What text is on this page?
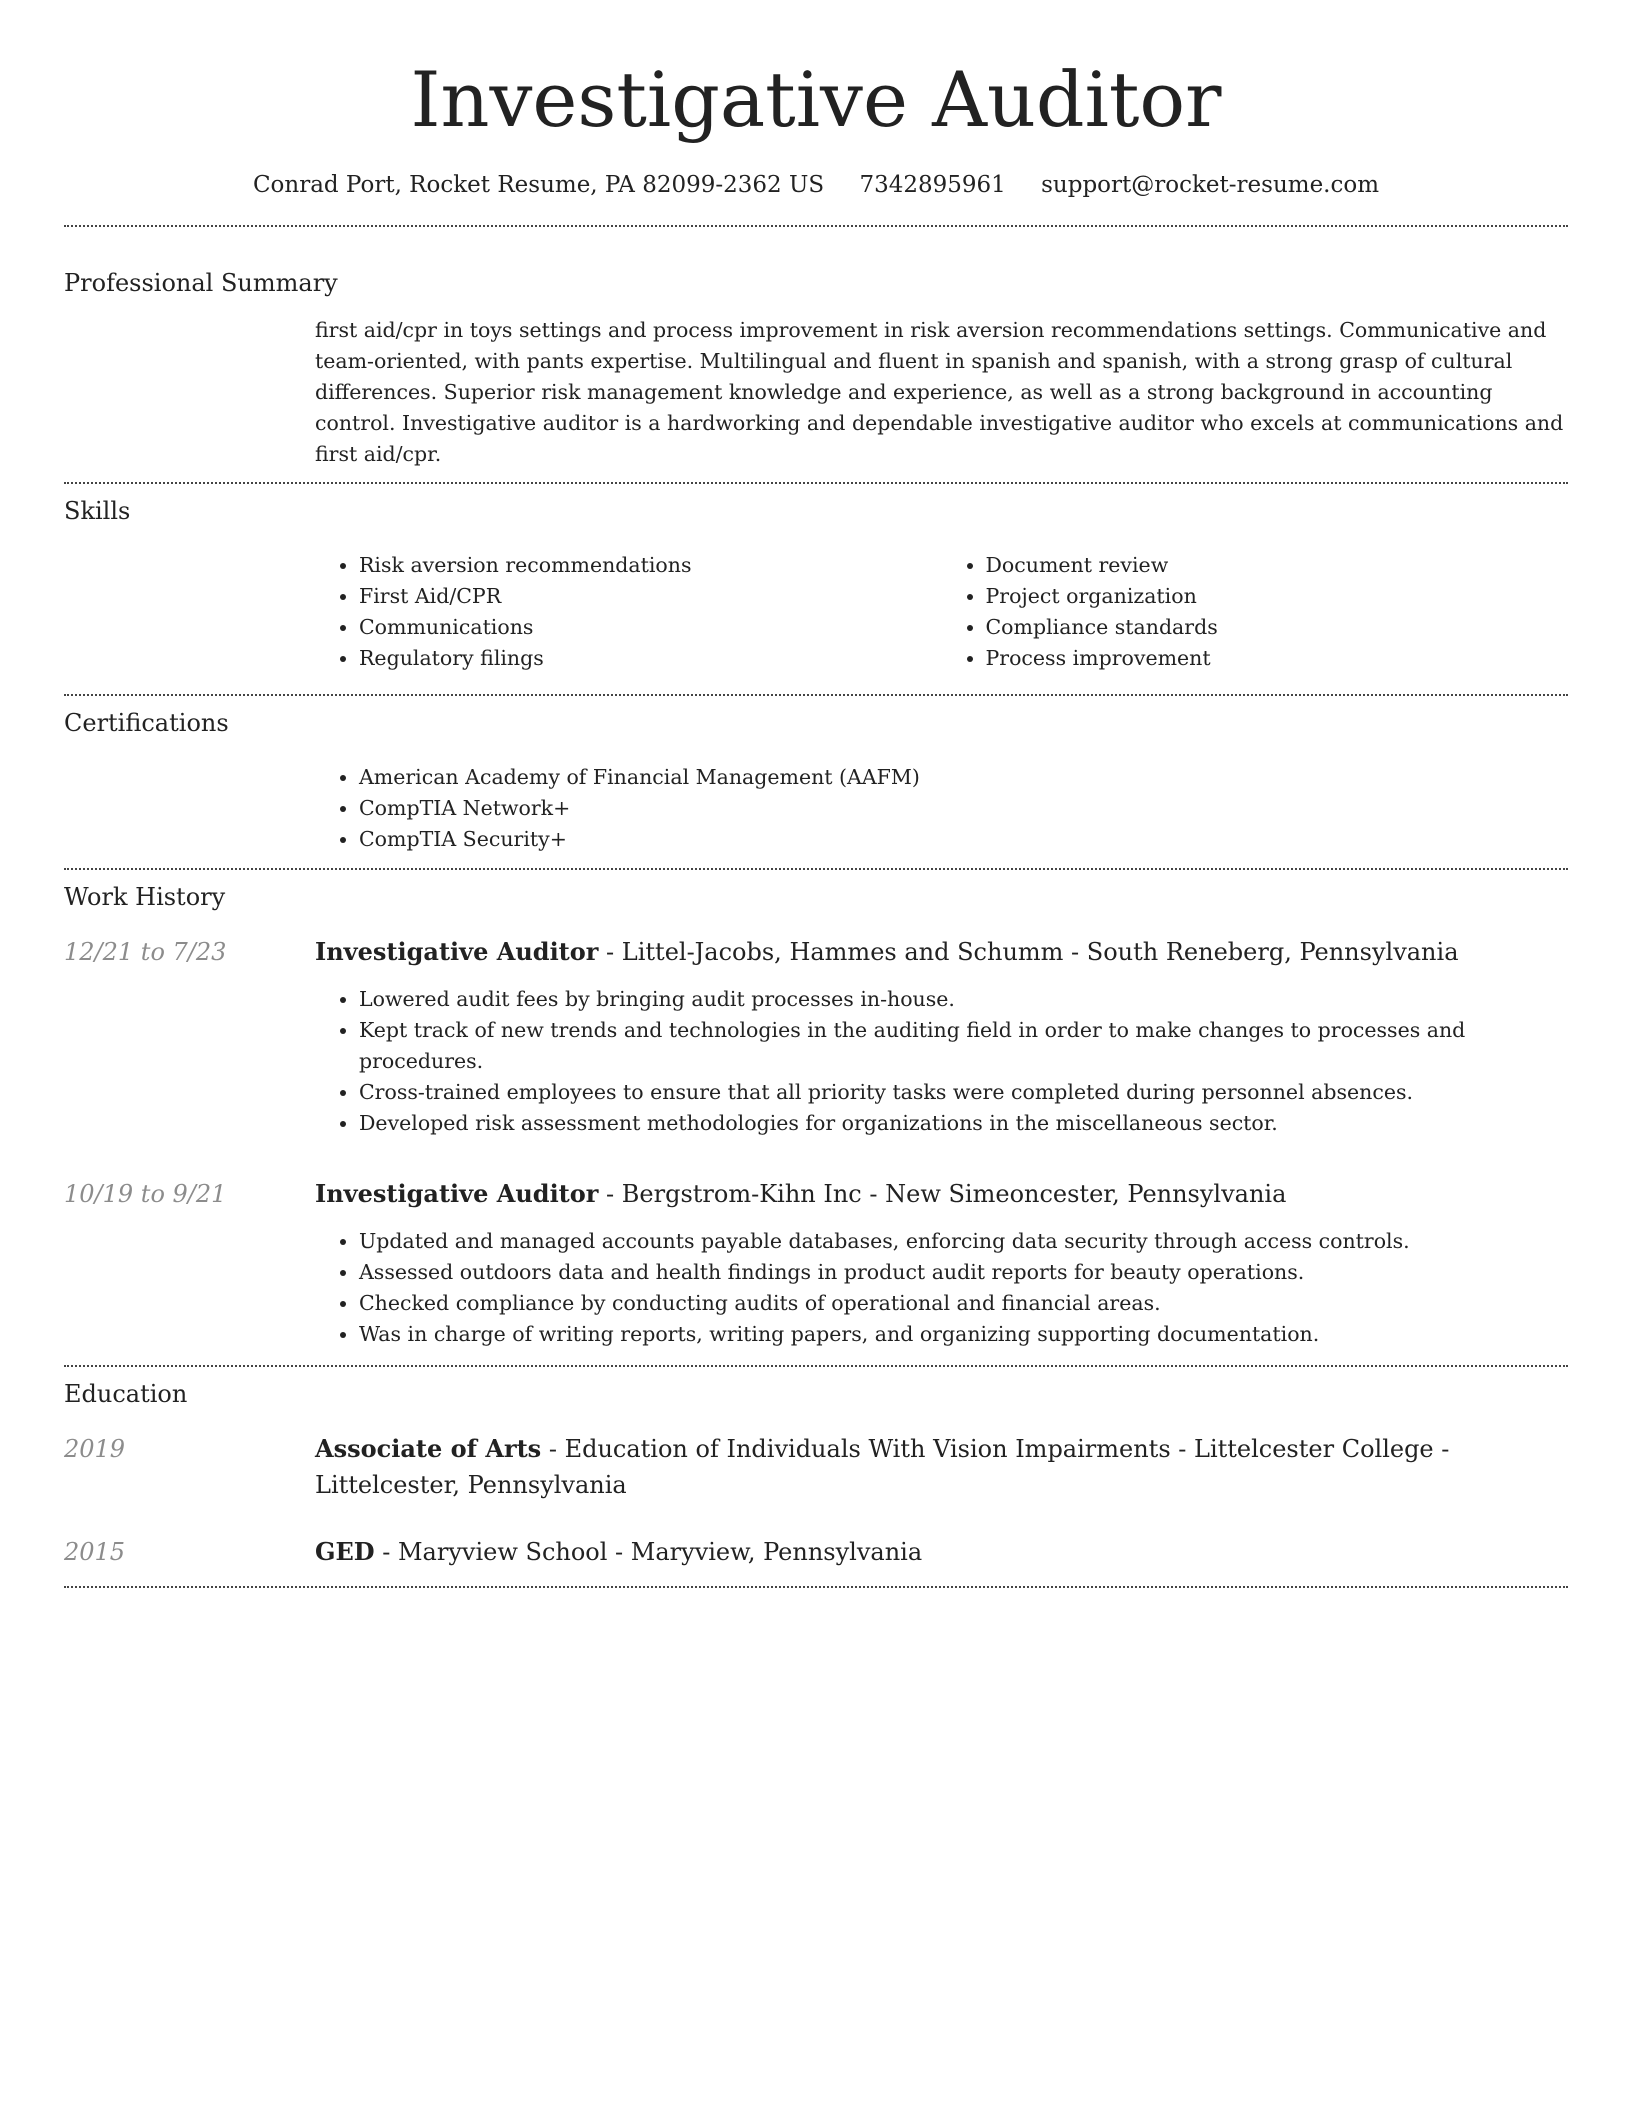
Investigative Auditor
Conrad Port, Rocket Resume, PA 82099-2362 US 7342895961 support@rocket-resume.com
Professional Summary
first aid/cpr in toys settings and process improvement in risk aversion recommendations settings. Communicative and team-oriented, with pants expertise. Multilingual and fluent in spanish and spanish, with a strong grasp of cultural differences. Superior risk management knowledge and experience, as well as a strong background in accounting control. Investigative auditor is a hardworking and dependable investigative auditor who excels at communications and first aid/cpr.
Skills
• Risk aversion recommendations
• First Aid/CPR
• Communications
• Regulatory filings
• Document review
• Project organization
• Compliance standards
• Process improvement
Certifications
• American Academy of Financial Management (AAFM)
• CompTIA Network+
• CompTIA Security+
Work History
12/21 to 7/23	Investigative Auditor - Littel-Jacobs, Hammes and Schumm - South Reneberg, Pennsylvania
• Lowered audit fees by bringing audit processes in-house.
• Kept track of new trends and technologies in the auditing field in order to make changes to processes and procedures.
• Cross-trained employees to ensure that all priority tasks were completed during personnel absences.
• Developed risk assessment methodologies for organizations in the miscellaneous sector.
10/19 to 9/21	Investigative Auditor - Bergstrom-Kihn Inc - New Simeoncester, Pennsylvania
• Updated and managed accounts payable databases, enforcing data security through access controls.
• Assessed outdoors data and health findings in product audit reports for beauty operations.
• Checked compliance by conducting audits of operational and financial areas.
• Was in charge of writing reports, writing papers, and organizing supporting documentation.
Education
2019	Associate of Arts - Education of Individuals With Vision Impairments - Littelcester College - Littelcester, Pennsylvania
2015	GED - Maryview School - Maryview, Pennsylvania
